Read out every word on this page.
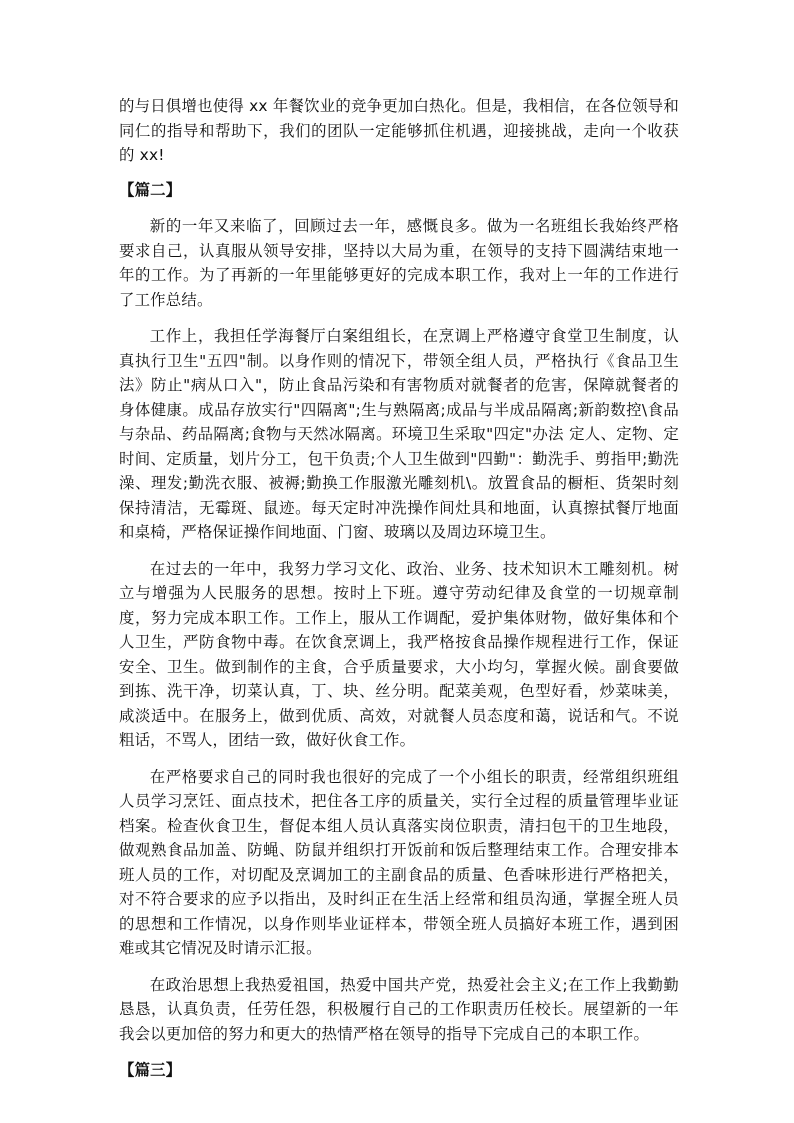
的与日俱增也使得 xx 年餐饮业的竞争更加白热化。但是，我相信，在各位领导和同仁的指导和帮助下，我们的团队一定能够抓住机遇，迎接挑战，走向一个收获的 xx!

【篇二】

新的一年又来临了，回顾过去一年，感慨良多。做为一名班组长我始终严格要求自己，认真服从领导安排，坚持以大局为重，在领导的支持下圆满结束地一年的工作。为了再新的一年里能够更好的完成本职工作，我对上一年的工作进行了工作总结。

工作上，我担任学海餐厅白案组组长，在烹调上严格遵守食堂卫生制度，认真执行卫生"五四"制。以身作则的情况下，带领全组人员，严格执行《食品卫生法》防止"病从口入"，防止食品污染和有害物质对就餐者的危害，保障就餐者的身体健康。成品存放实行"四隔离";生与熟隔离;成品与半成品隔离;新韵数控\食品与杂品、药品隔离;食物与天然冰隔离。环境卫生采取"四定"办法 定人、定物、定时间、定质量，划片分工，包干负责;个人卫生做到"四勤"：勤洗手、剪指甲;勤洗澡、理发;勤洗衣服、被褥;勤换工作服激光雕刻机\。放置食品的橱柜、货架时刻保持清洁，无霉斑、鼠迹。每天定时冲洗操作间灶具和地面，认真擦拭餐厅地面和桌椅，严格保证操作间地面、门窗、玻璃以及周边环境卫生。

在过去的一年中，我努力学习文化、政治、业务、技术知识木工雕刻机。树立与增强为人民服务的思想。按时上下班。遵守劳动纪律及食堂的一切规章制度，努力完成本职工作。工作上，服从工作调配，爱护集体财物，做好集体和个人卫生，严防食物中毒。在饮食烹调上，我严格按食品操作规程进行工作，保证安全、卫生。做到制作的主食，合乎质量要求，大小均匀，掌握火候。副食要做到拣、洗干净，切菜认真，丁、块、丝分明。配菜美观，色型好看，炒菜味美，咸淡适中。在服务上，做到优质、高效，对就餐人员态度和蔼，说话和气。不说粗话，不骂人，团结一致，做好伙食工作。

在严格要求自己的同时我也很好的完成了一个小组长的职责，经常组织班组人员学习烹饪、面点技术，把住各工序的质量关，实行全过程的质量管理毕业证档案。检查伙食卫生，督促本组人员认真落实岗位职责，清扫包干的卫生地段，做观熟食品加盖、防蝇、防鼠并组织打开饭前和饭后整理结束工作。合理安排本班人员的工作，对切配及烹调加工的主副食品的质量、色香味形进行严格把关，对不符合要求的应予以指出，及时纠正在生活上经常和组员沟通，掌握全班人员的思想和工作情况，以身作则毕业证样本，带领全班人员搞好本班工作，遇到困难或其它情况及时请示汇报。

在政治思想上我热爱祖国，热爱中国共产党，热爱社会主义;在工作上我勤勤恳恳，认真负责，任劳任怨，积极履行自己的工作职责历任校长。展望新的一年我会以更加倍的努力和更大的热情严格在领导的指导下完成自己的本职工作。

【篇三】
